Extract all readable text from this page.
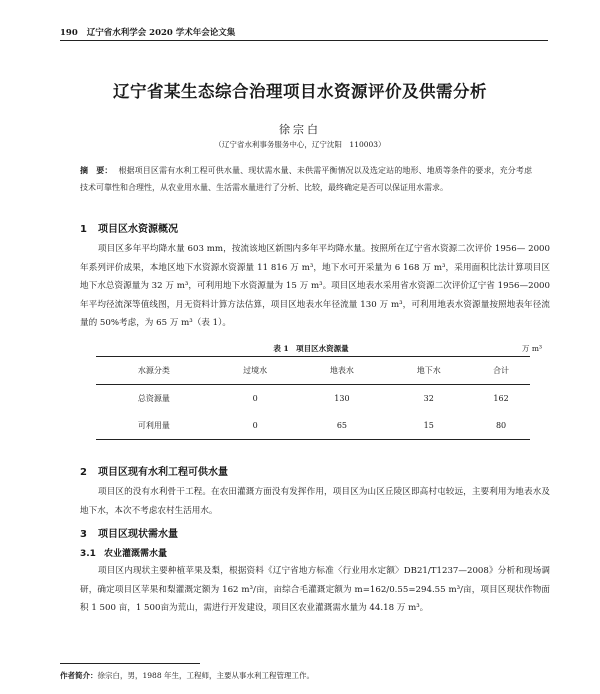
190 辽宁省水利学会 2020 学术年会论文集
辽宁省某生态综合治理项目水资源评价及供需分析
徐宗白
（辽宁省水利事务服务中心，辽宁沈阳　110003）
摘　要： 根据项目区需有水利工程可供水量、现状需水量、未供需平衡情况以及选定站的地形、地质等条件的要求，充分考虑技术可靠性和合理性，从农业用水量、生活需水量进行了分析、比较，最终确定是否可以保证用水需求。
1 项目区水资源概况

项目区多年平均降水量 603 mm，按流该地区新围内多年平均降水量。按照所在辽宁省水资源二次评价 1956— 2000 年系列评价成果，本地区地下水资源水资源量 11 816 万 m³，地下水可开采量为 6 168 万 m³，采用面积比法计算项目区地下水总资源量为 32 万 m³，可利用地下水资源量为 15 万 m³。项目区地表水采用省水资源二次评价辽宁省 1956—2000 年平均径流深等值线图，月无资料计算方法估算，项目区地表水年径流量 130 万 m³，可利用地表水资源量按照地表年径流量的 50%考虑，为 65 万 m³（表 1）。

表 1　项目区水资源量	万 m³
水源分类	过境水	地表水	地下水	合计
总资源量	0	130	32	162
可利用量	0	65	15	80
2 项目区现有水利工程可供水量

项目区的没有水利骨干工程。在农田灌溉方面没有发挥作用，项目区为山区丘陵区即高村屯较远，主要利用为地表水及地下水，本次不考虑农村生活用水。

3 项目区现状需水量
3.1 农业灌溉需水量

项目区内现状主要种植苹果及梨，根据资料《辽宁省地方标准〈行业用水定额〉DB21/T1237—2008》分析和现场调研，确定项目区苹果和梨灌溉定额为 162 m³/亩，亩综合毛灌溉定额为 m=162/0.55=294.55 m³/亩，项目区现状作物面积 1 500 亩，1 500亩为荒山，需进行开发建设，项目区农业灌溉需水量为 44.18 万 m³。

作者简介：徐宗白，男，1988 年生，工程师，主要从事水利工程管理工作。
